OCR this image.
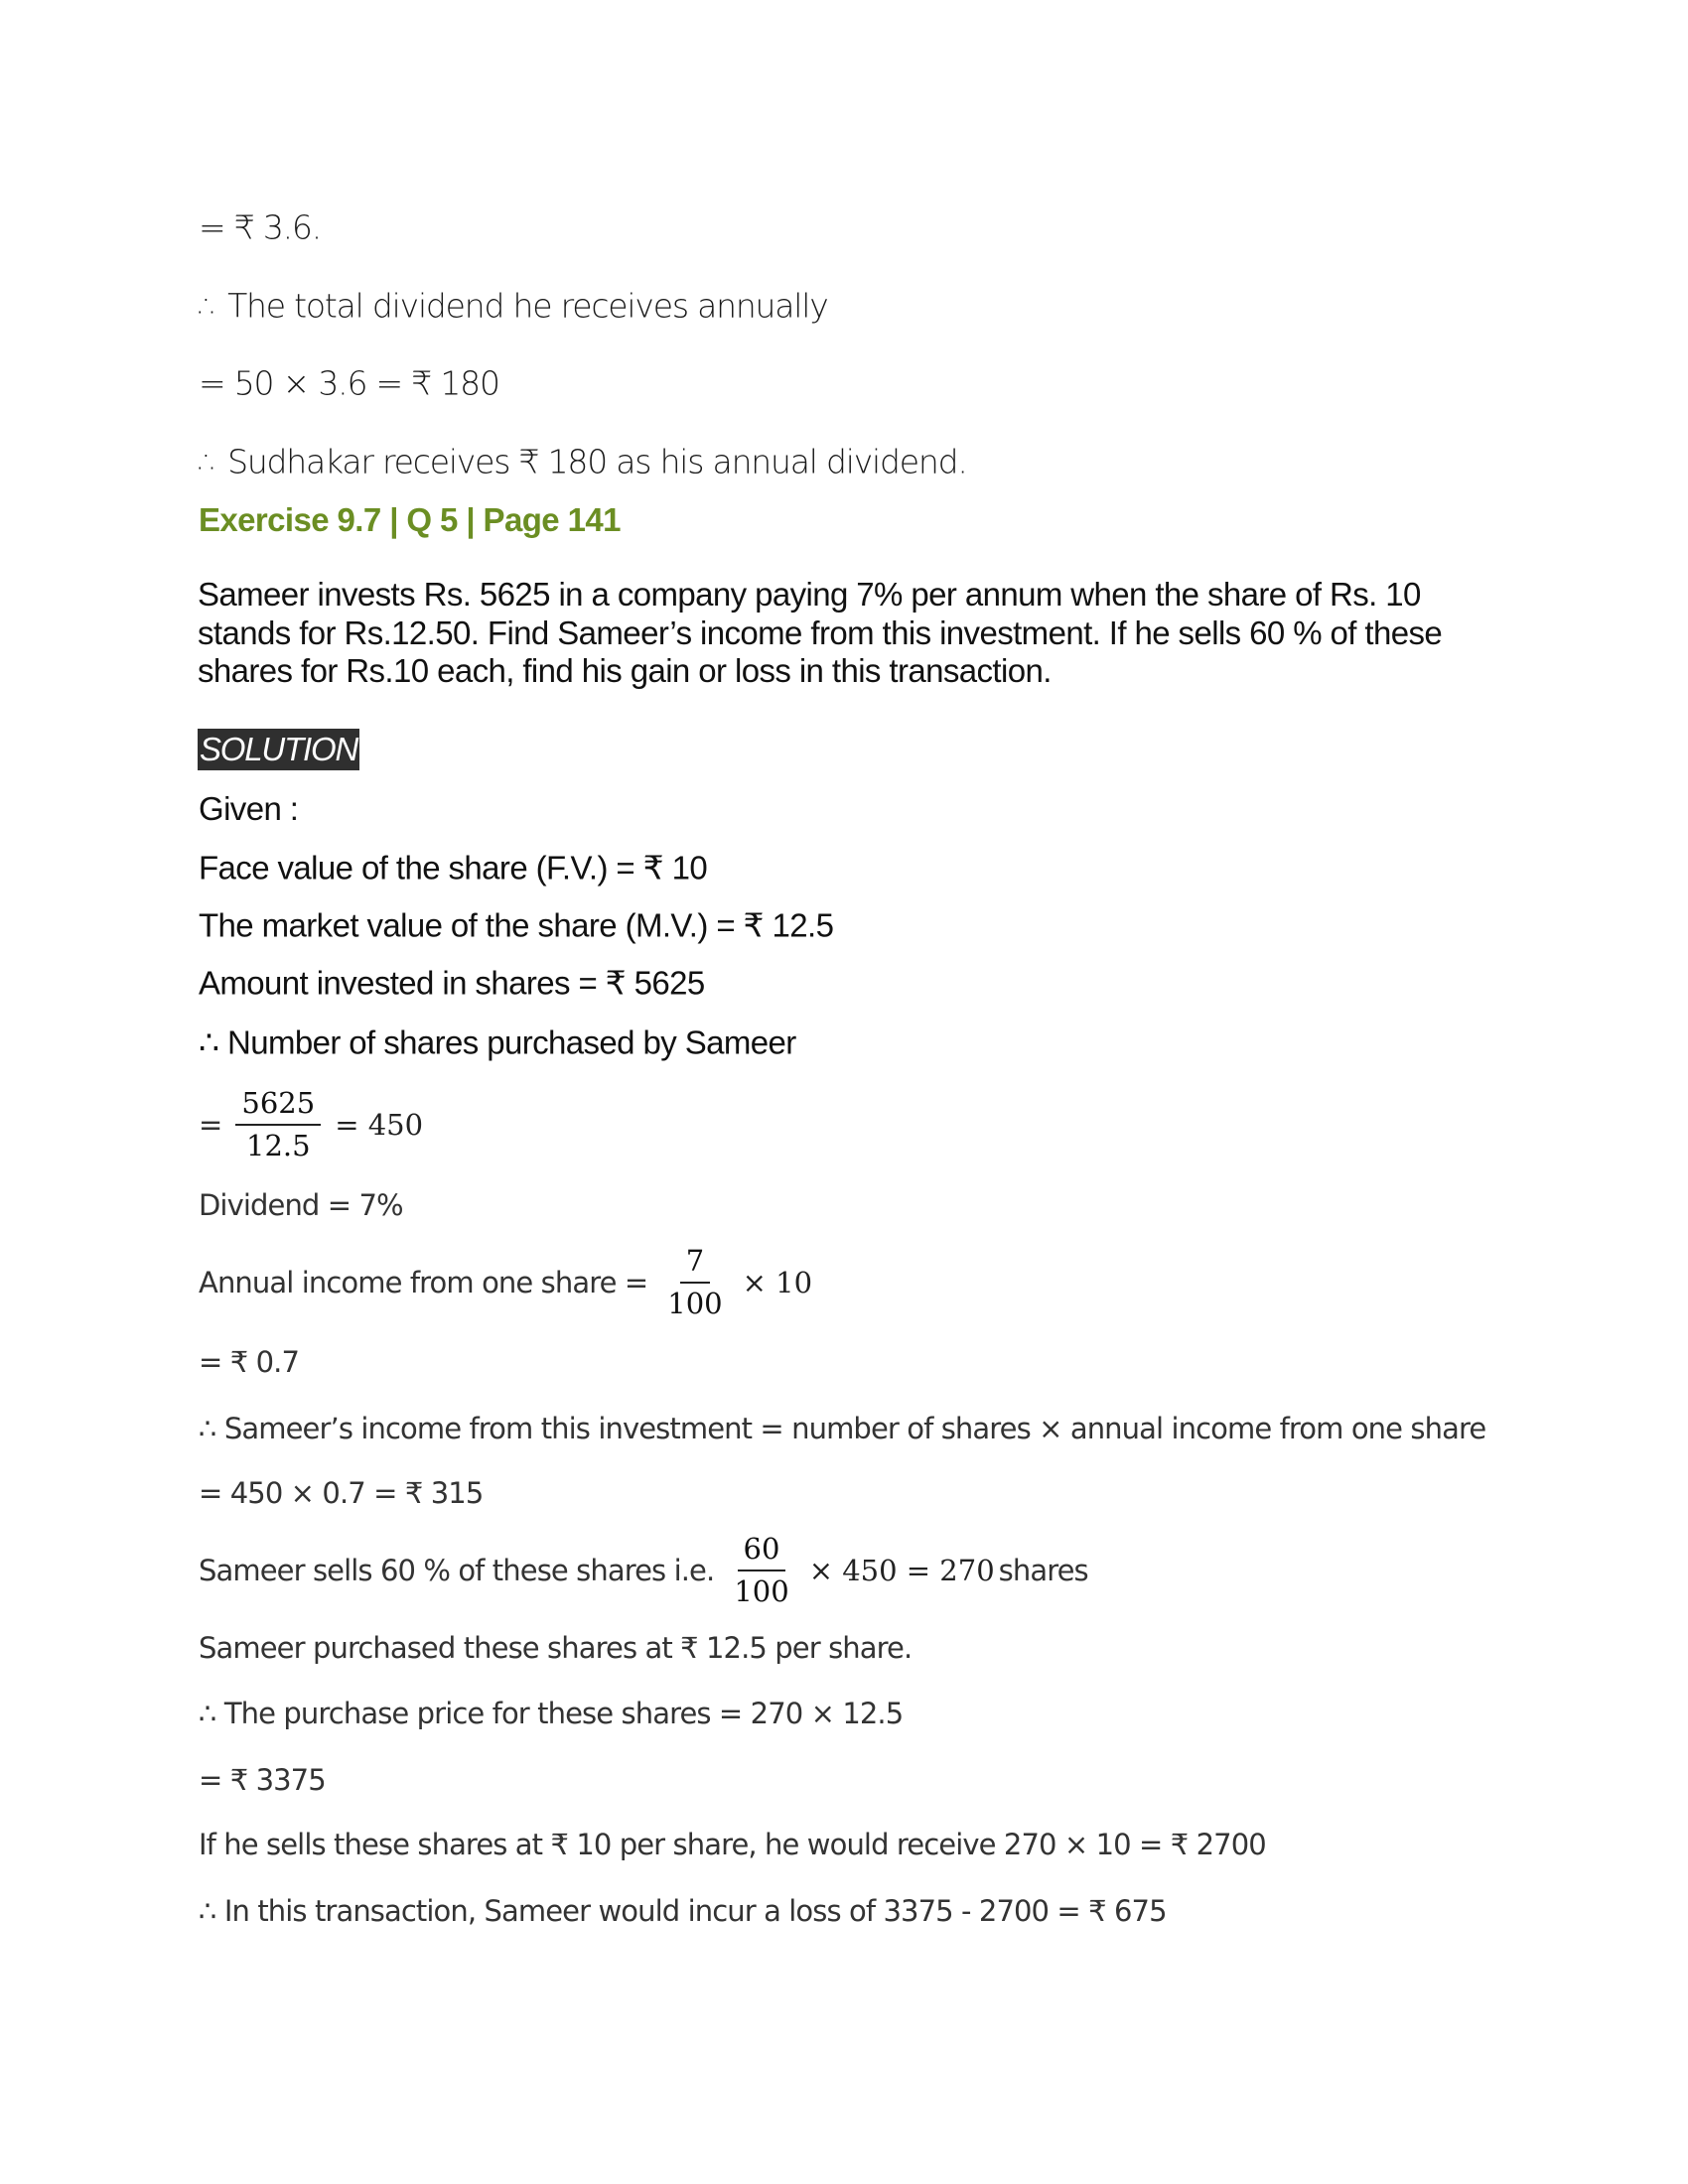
= ₹ 3.6.
∴ The total dividend he receives annually
= 50 × 3.6 = ₹ 180
∴ Sudhakar receives ₹ 180 as his annual dividend.
Exercise 9.7 | Q 5 | Page 141
Sameer invests Rs. 5625 in a company paying 7% per annum when the share of Rs. 10 stands for Rs.12.50. Find Sameer’s income from this investment. If he sells 60 % of these shares for Rs.10 each, find his gain or loss in this transaction.
SOLUTION
Given :
Face value of the share (F.V.) = ₹ 10
The market value of the share (M.V.) = ₹ 12.5
Amount invested in shares = ₹ 5625
∴ Number of shares purchased by Sameer
= $\frac{5625}{12.5} = 450$
Dividend = 7%
Annual income from one share = $\frac{7}{100} \times 10$
= ₹ 0.7
∴ Sameer’s income from this investment = number of shares × annual income from one share
= 450 × 0.7 = ₹ 315
Sameer sells 60 % of these shares i.e. $\frac{60}{100} \times 450 = 270$ shares
Sameer purchased these shares at ₹ 12.5 per share.
∴ The purchase price for these shares = 270 × 12.5
= ₹ 3375
If he sells these shares at ₹ 10 per share, he would receive 270 × 10 = ₹ 2700
∴ In this transaction, Sameer would incur a loss of 3375 - 2700 = ₹ 675
